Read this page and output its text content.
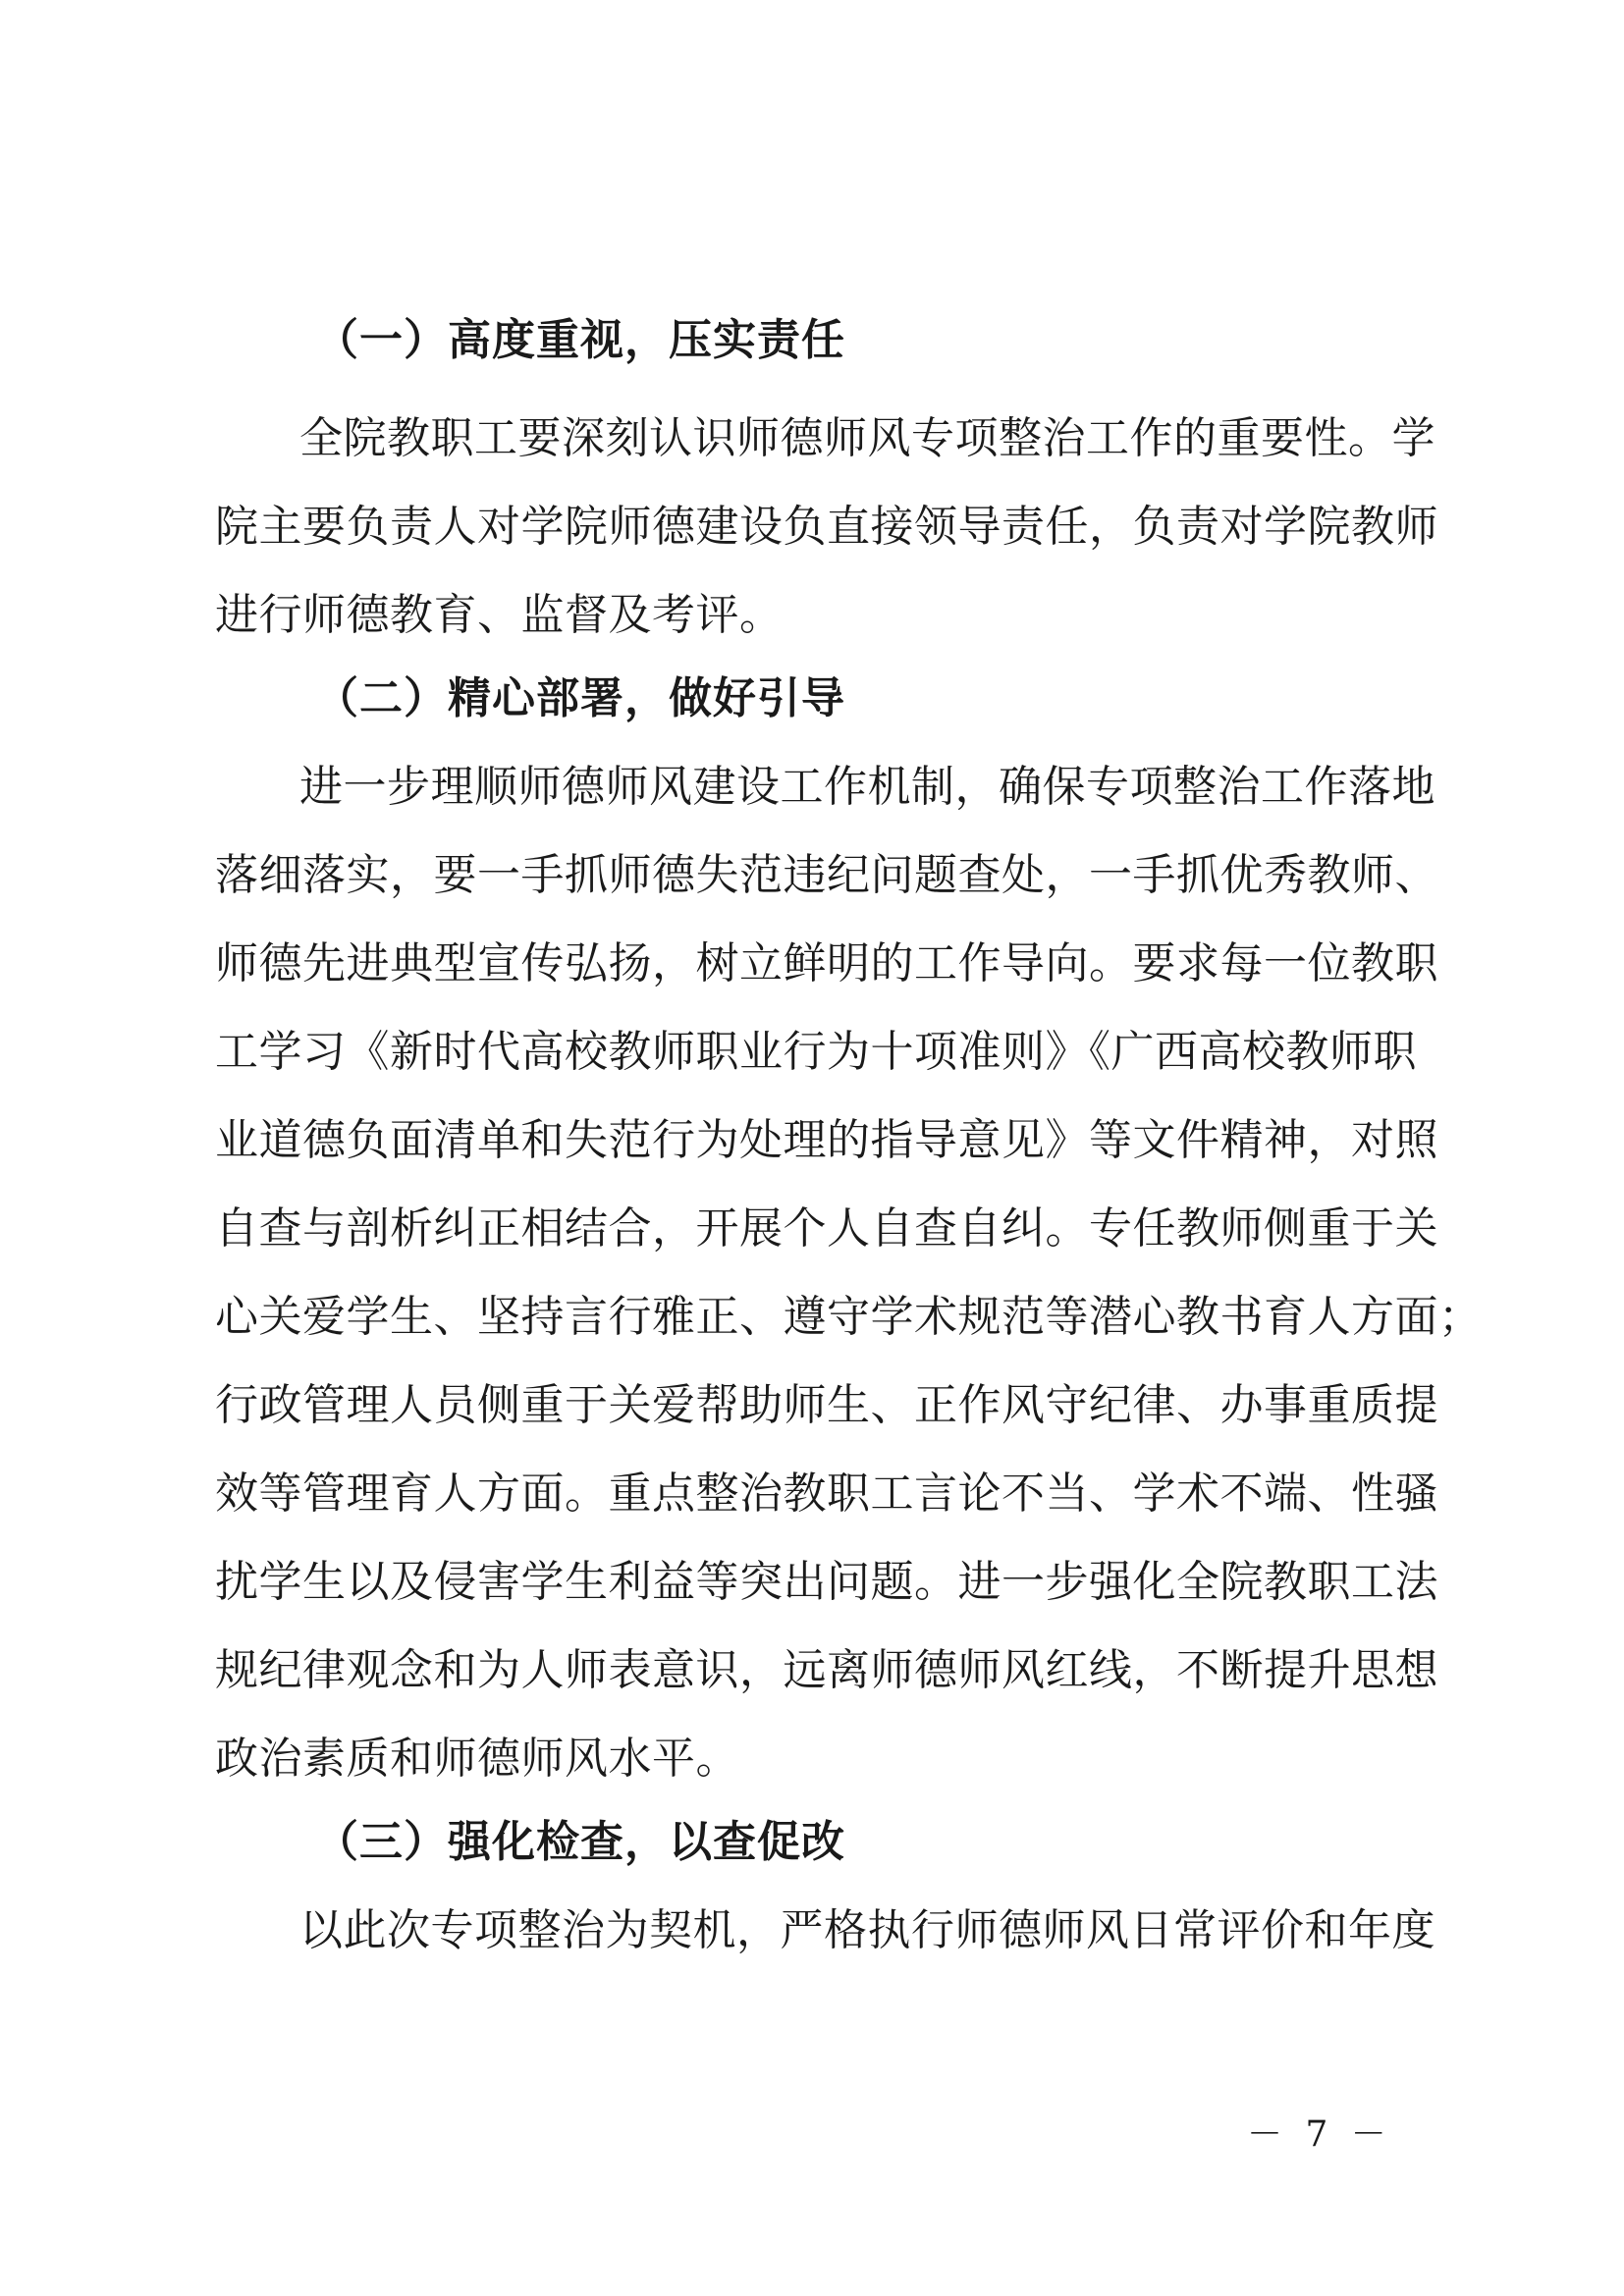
（一）高度重视，压实责任
全院教职工要深刻认识师德师风专项整治工作的重要性。学
院主要负责人对学院师德建设负直接领导责任，负责对学院教师
进行师德教育、监督及考评。
（二）精心部署，做好引导
进一步理顺师德师风建设工作机制，确保专项整治工作落地
落细落实，要一手抓师德失范违纪问题查处，一手抓优秀教师、
师德先进典型宣传弘扬，树立鲜明的工作导向。要求每一位教职
工学习《新时代高校教师职业行为十项准则》《广西高校教师职
业道德负面清单和失范行为处理的指导意见》等文件精神，对照
自查与剖析纠正相结合，开展个人自查自纠。专任教师侧重于关
心关爱学生、坚持言行雅正、遵守学术规范等潜心教书育人方面；
行政管理人员侧重于关爱帮助师生、正作风守纪律、办事重质提
效等管理育人方面。重点整治教职工言论不当、学术不端、性骚
扰学生以及侵害学生利益等突出问题。进一步强化全院教职工法
规纪律观念和为人师表意识，远离师德师风红线，不断提升思想
政治素质和师德师风水平。
（三）强化检查，以查促改
以此次专项整治为契机，严格执行师德师风日常评价和年度
－ 7 －
